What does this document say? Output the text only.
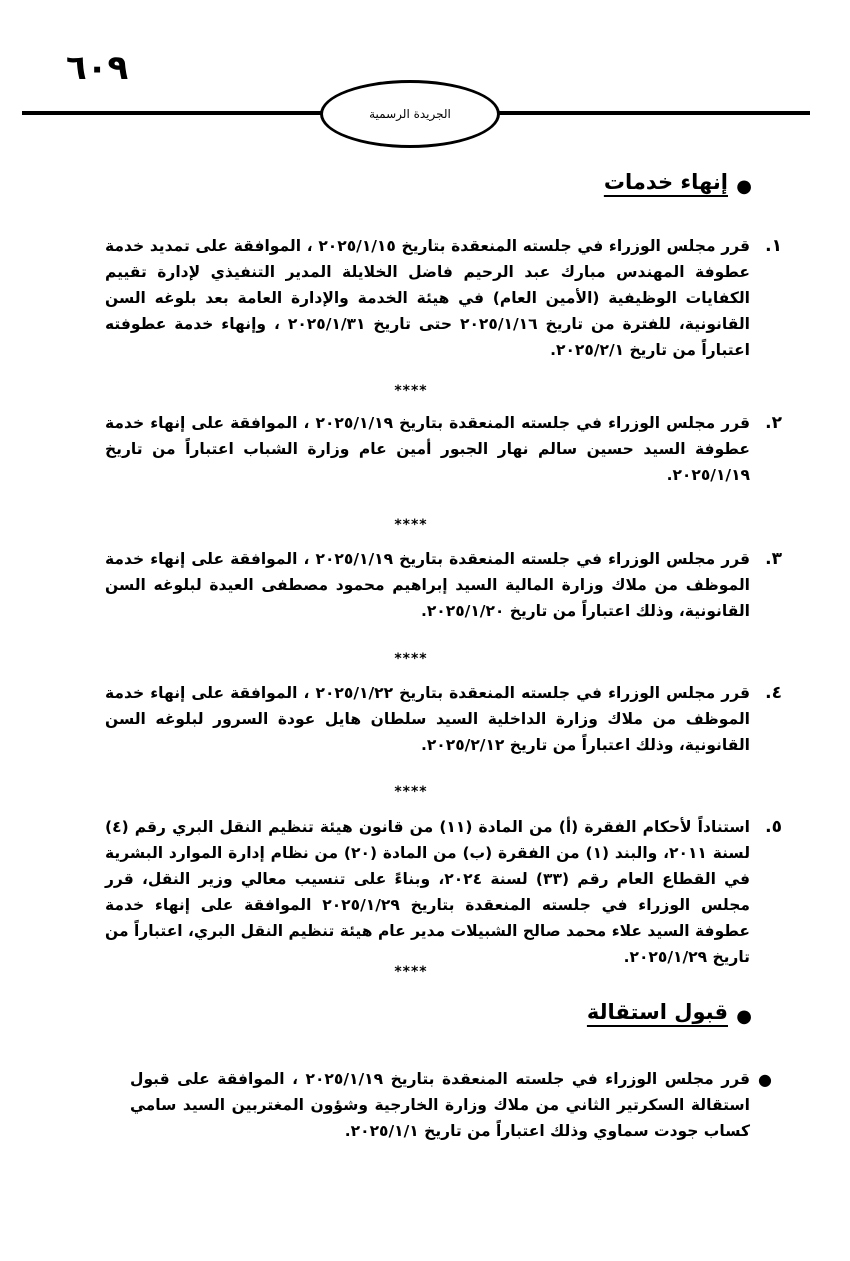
٦٠٩
الجريدة الرسمية
●
إنهاء خدمات
١.
قرر مجلس الوزراء في جلسته المنعقدة بتاريخ ٢٠٢٥/١/١٥ ، الموافقة على تمديد خدمة عطوفة المهندس مبارك عبد الرحيم فاضل الخلايلة المدير التنفيذي لإدارة تقييم الكفايات الوظيفية (الأمين العام) في هيئة الخدمة والإدارة العامة بعد بلوغه السن القانونية، للفترة من تاريخ ٢٠٢٥/١/١٦ حتى تاريخ ٢٠٢٥/١/٣١ ، وإنهاء خدمة عطوفته اعتباراً من تاريخ ٢٠٢٥/٢/١.
****
٢.
قرر مجلس الوزراء في جلسته المنعقدة بتاريخ ٢٠٢٥/١/١٩ ، الموافقة على إنهاء خدمة عطوفة السيد حسين سالم نهار الجبور أمين عام وزارة الشباب اعتباراً من تاريخ ٢٠٢٥/١/١٩.
****
٣.
قرر مجلس الوزراء في جلسته المنعقدة بتاريخ ٢٠٢٥/١/١٩ ، الموافقة على إنهاء خدمة الموظف من ملاك وزارة المالية السيد إبراهيم محمود مصطفى العيدة لبلوغه السن القانونية، وذلك اعتباراً من تاريخ ٢٠٢٥/١/٢٠.
****
٤.
قرر مجلس الوزراء في جلسته المنعقدة بتاريخ ٢٠٢٥/١/٢٢ ، الموافقة على إنهاء خدمة الموظف من ملاك وزارة الداخلية السيد سلطان هايل عودة السرور لبلوغه السن القانونية، وذلك اعتباراً من تاريخ ٢٠٢٥/٢/١٢.
****
٥.
استناداً لأحكام الفقرة (أ) من المادة (١١) من قانون هيئة تنظيم النقل البري رقم (٤) لسنة ٢٠١١، والبند (١) من الفقرة (ب) من المادة (٢٠) من نظام إدارة الموارد البشرية في القطاع العام رقم (٣٣) لسنة ٢٠٢٤، وبناءً على تنسيب معالي وزير النقل، قرر مجلس الوزراء في جلسته المنعقدة بتاريخ ٢٠٢٥/١/٢٩ الموافقة على إنهاء خدمة عطوفة السيد علاء محمد صالح الشبيلات مدير عام هيئة تنظيم النقل البري، اعتباراً من تاريخ ٢٠٢٥/١/٢٩.
****
●
قبول استقالة
●
قرر مجلس الوزراء في جلسته المنعقدة بتاريخ ٢٠٢٥/١/١٩ ، الموافقة على قبول استقالة السكرتير الثاني من ملاك وزارة الخارجية وشؤون المغتربين السيد سامي كساب جودت سماوي وذلك اعتباراً من تاريخ ٢٠٢٥/١/١.
